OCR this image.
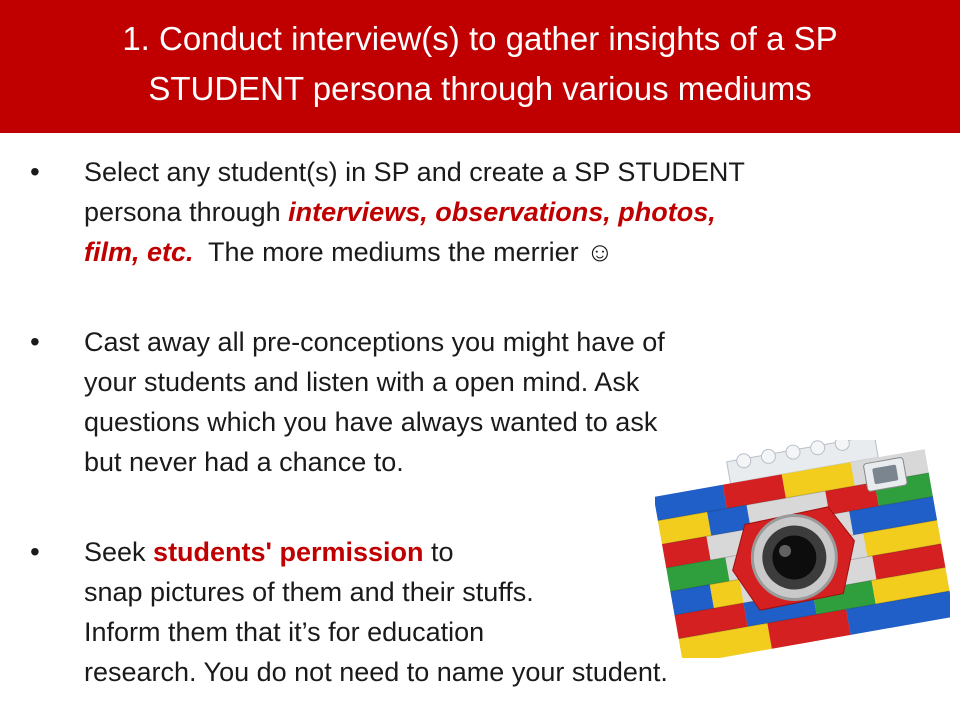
1. Conduct interview(s) to gather insights of a SP
STUDENT persona through various mediums
• Select any student(s) in SP and create a SP STUDENT
persona through interviews, observations, photos,
film, etc.  The more mediums the merrier ☺
• Cast away all pre-conceptions you might have of
your students and listen with a open mind. Ask
questions which you have always wanted to ask
but never had a chance to.
• Seek students' permission to
snap pictures of them and their stuffs.
Inform them that it’s for education
research. You do not need to name your student.
